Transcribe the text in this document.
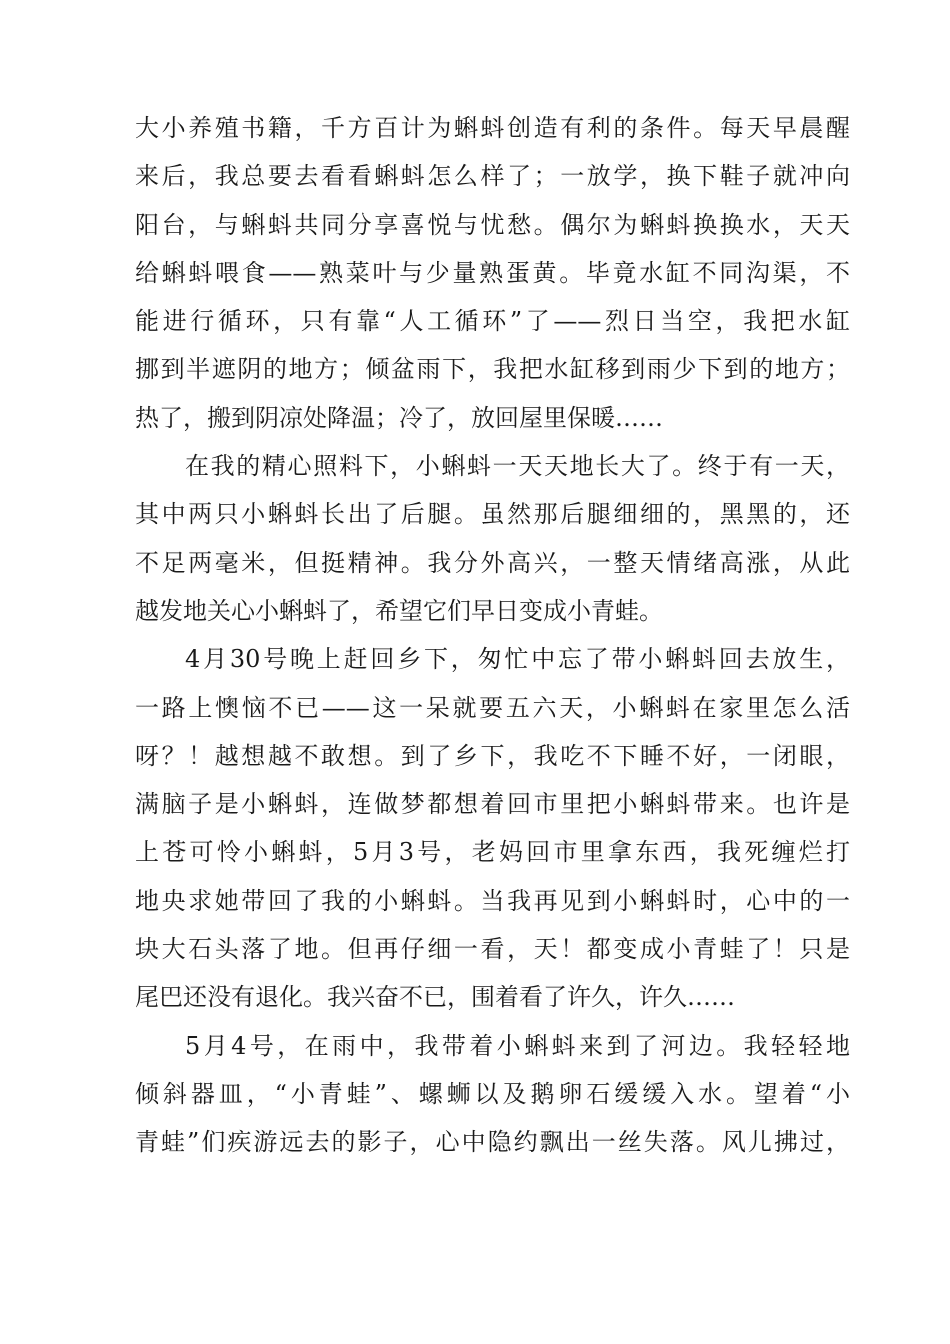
大小养殖书籍，千方百计为蝌蚪创造有利的条件。每天早晨醒
来后，我总要去看看蝌蚪怎么样了；一放学，换下鞋子就冲向
阳台，与蝌蚪共同分享喜悦与忧愁。偶尔为蝌蚪换换水，天天
给蝌蚪喂食——熟菜叶与少量熟蛋黄。毕竟水缸不同沟渠，不
能进行循环，只有靠“人工循环”了——烈日当空，我把水缸
挪到半遮阴的地方；倾盆雨下，我把水缸移到雨少下到的地方；
热了，搬到阴凉处降温；冷了，放回屋里保暖……
在我的精心照料下，小蝌蚪一天天地长大了。终于有一天，
其中两只小蝌蚪长出了后腿。虽然那后腿细细的，黑黑的，还
不足两毫米，但挺精神。我分外高兴，一整天情绪高涨，从此
越发地关心小蝌蚪了，希望它们早日变成小青蛙。
4月30号晚上赶回乡下，匆忙中忘了带小蝌蚪回去放生，
一路上懊恼不已——这一呆就要五六天，小蝌蚪在家里怎么活
呀？！越想越不敢想。到了乡下，我吃不下睡不好，一闭眼，
满脑子是小蝌蚪，连做梦都想着回市里把小蝌蚪带来。也许是
上苍可怜小蝌蚪，5月3号，老妈回市里拿东西，我死缠烂打
地央求她带回了我的小蝌蚪。当我再见到小蝌蚪时，心中的一
块大石头落了地。但再仔细一看，天！都变成小青蛙了！只是
尾巴还没有退化。我兴奋不已，围着看了许久，许久……
5月4号，在雨中，我带着小蝌蚪来到了河边。我轻轻地
倾斜器皿，“小青蛙”、螺蛳以及鹅卵石缓缓入水。望着“小
青蛙”们疾游远去的影子，心中隐约飘出一丝失落。风儿拂过，
